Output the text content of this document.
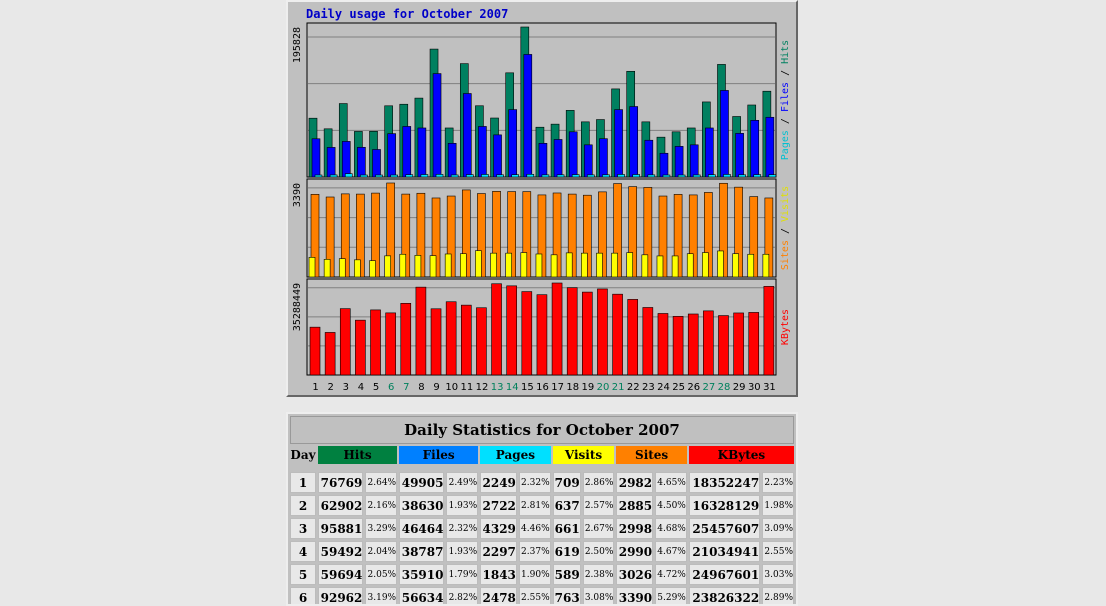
Daily usage for October 2007
195828
Pages / Files / Hits
3390
Sites / Visits
35288449	KBytes
1 2 3 4 5 6 7 8 9 10 11 12 13 14 15 16 17 18 19 20 21 22 23 24 25 26 27 28 29 30 31
Daily Statistics for October 2007												
Day	Hits		Files		Pages		Visits		Sites		KBytes	

1	76769	2.64%	49905	2.49%	2249	2.32%	709	2.86%	2982	4.65%	18352247	2.23%
2	62902	2.16%	38630	1.93%	2722	2.81%	637	2.57%	2885	4.50%	16328129	1.98%
3	95881	3.29%	46464	2.32%	4329	4.46%	661	2.67%	2998	4.68%	25457607	3.09%
4	59492	2.04%	38787	1.93%	2297	2.37%	619	2.50%	2990	4.67%	21034941	2.55%
5	59694	2.05%	35910	1.79%	1843	1.90%	589	2.38%	3026	4.72%	24967601	3.03%
6	92962	3.19%	56634	2.82%	2478	2.55%	763	3.08%	3390	5.29%	23826322	2.89%
